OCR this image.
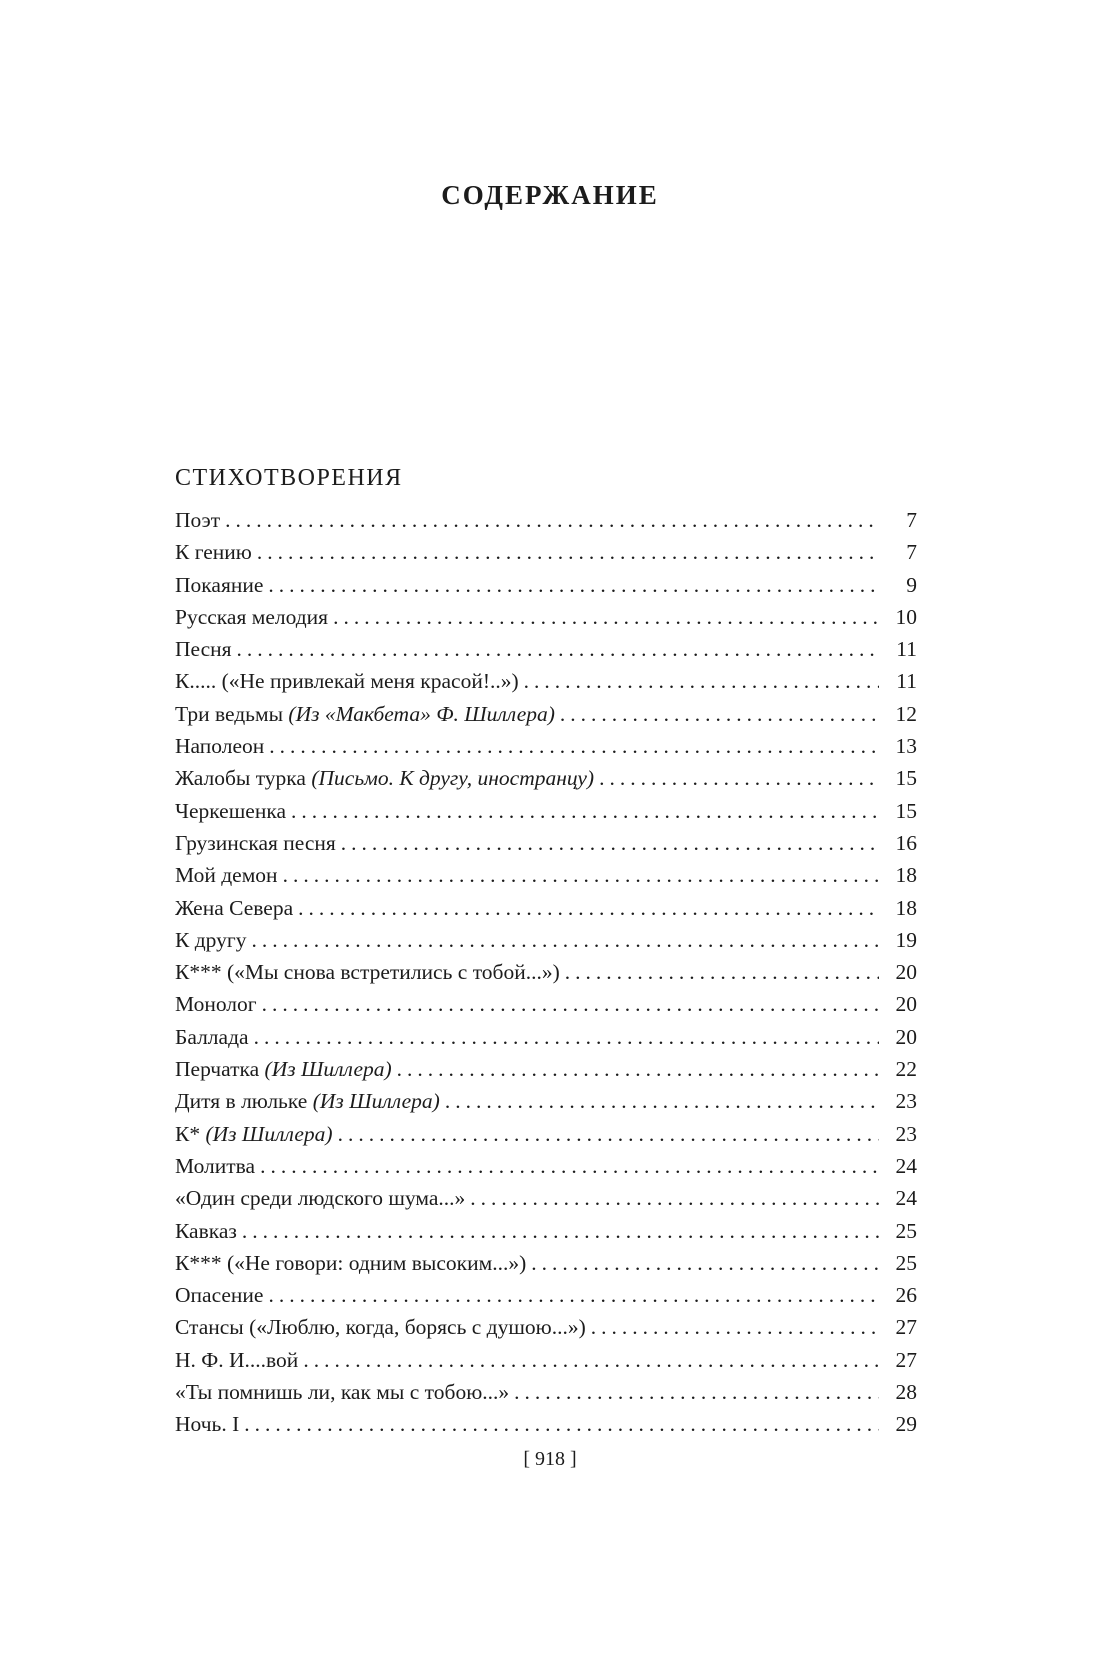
СОДЕРЖАНИЕ
СТИХОТВОРЕНИЯ
Поэт .....	7
К гению .....	7
Покаяние .....	9
Русская мелодия .....	10
Песня .....	11
К..... («Не привлекай меня красой!..») .....	11
Три ведьмы (Из «Макбета» Ф. Шиллера) .....	12
Наполеон .....	13
Жалобы турка (Письмо. К другу, иностранцу) .....	15
Черкешенка .....	15
Грузинская песня .....	16
Мой демон .....	18
Жена Севера .....	18
К другу .....	19
К*** («Мы снова встретились с тобой...») .....	20
Монолог .....	20
Баллада .....	20
Перчатка (Из Шиллера) .....	22
Дитя в люльке (Из Шиллера) .....	23
К* (Из Шиллера) .....	23
Молитва .....	24
«Один среди людского шума...» .....	24
Кавказ .....	25
К*** («Не говори: одним высоким...») .....	25
Опасение .....	26
Стансы («Люблю, когда, борясь с душою...») .....	27
Н. Ф. И....вой .....	27
«Ты помнишь ли, как мы с тобою...» .....	28
Ночь. I .....	29
[ 918 ]
